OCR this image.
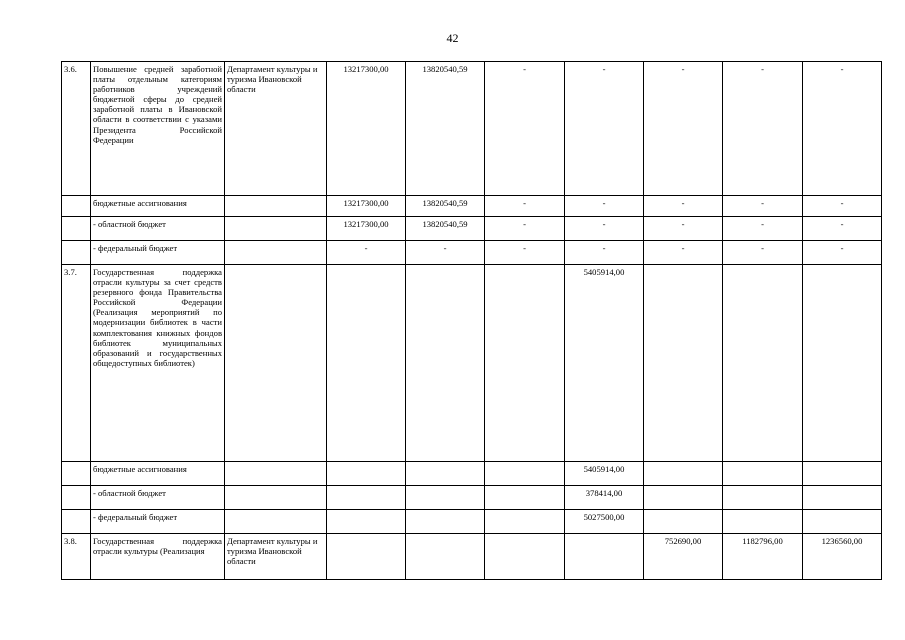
42
3.6.	Повышение средней заработной платы отдельным категориям работников учреждений бюджетной сферы до средней заработной платы в Ивановской области в соответствии с указами Президента Российской Федерации	Департамент культуры и туризма Ивановской области	13217300,00	13820540,59	-	-	-	-	-
	бюджетные ассигнования		13217300,00	13820540,59	-	-	-	-	-
	- областной бюджет		13217300,00	13820540,59	-	-	-	-	-
	- федеральный бюджет		-	-	-	-	-	-	-
3.7.	Государственная поддержка отрасли культуры за счет средств резервного фонда Правительства Российской Федерации (Реализация мероприятий по модернизации библиотек в части комплектования книжных фондов библиотек муниципальных образований и государственных общедоступных библиотек)					5405914,00			
	бюджетные ассигнования					5405914,00			
	- областной бюджет					378414,00			
	- федеральный бюджет					5027500,00			
3.8.	Государственная поддержка отрасли культуры (Реализация	Департамент культуры и туризма Ивановской области					752690,00	1182796,00	1236560,00
